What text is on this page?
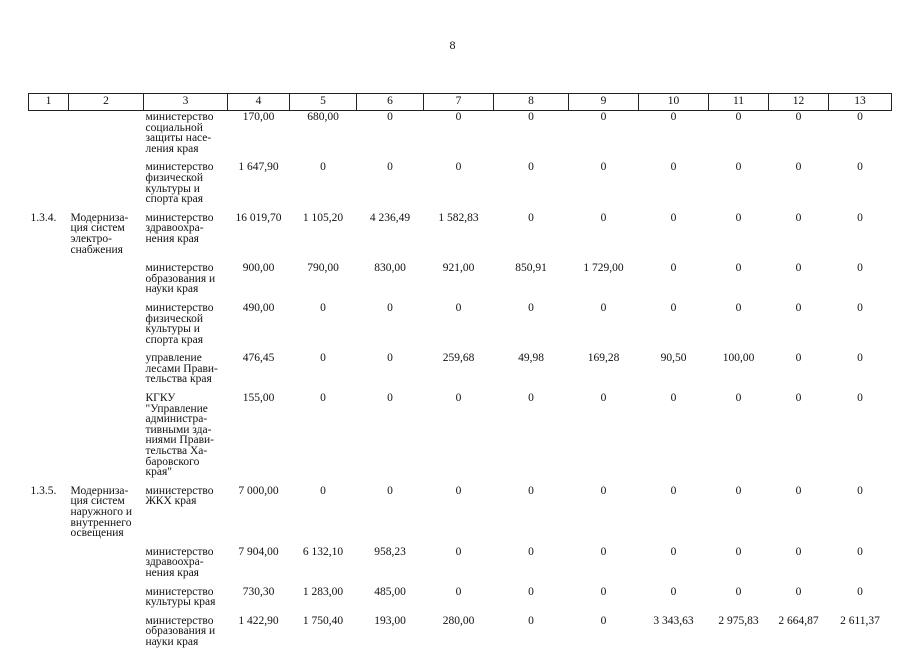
8
1	2	3	4	5	6	7	8	9	10	11	12	13
		министерство социальной защиты насе-ления края	170,00	680,00	0	0	0	0	0	0	0	0
		министерство физической культуры и спорта края	1 647,90	0	0	0	0	0	0	0	0	0
1.3.4.	Модерниза-ция систем электро-снабжения	министерство здравоохра-нения края	16 019,70	1 105,20	4 236,49	1 582,83	0	0	0	0	0	0
		министерство образования и науки края	900,00	790,00	830,00	921,00	850,91	1 729,00	0	0	0	0
		министерство физической культуры и спорта края	490,00	0	0	0	0	0	0	0	0	0
		управление лесами Прави-тельства края	476,45	0	0	259,68	49,98	169,28	90,50	100,00	0	0
		КГКУ "Управление администра-тивными зда-ниями Прави-тельства Ха-баровского края"	155,00	0	0	0	0	0	0	0	0	0
1.3.5.	Модерниза-ция систем наружного и внутреннего освещения	министерство ЖКХ края	7 000,00	0	0	0	0	0	0	0	0	0
		министерство здравоохра-нения края	7 904,00	6 132,10	958,23	0	0	0	0	0	0	0
		министерство культуры края	730,30	1 283,00	485,00	0	0	0	0	0	0	0
		министерство образования и науки края	1 422,90	1 750,40	193,00	280,00	0	0	3 343,63	2 975,83	2 664,87	2 611,37
